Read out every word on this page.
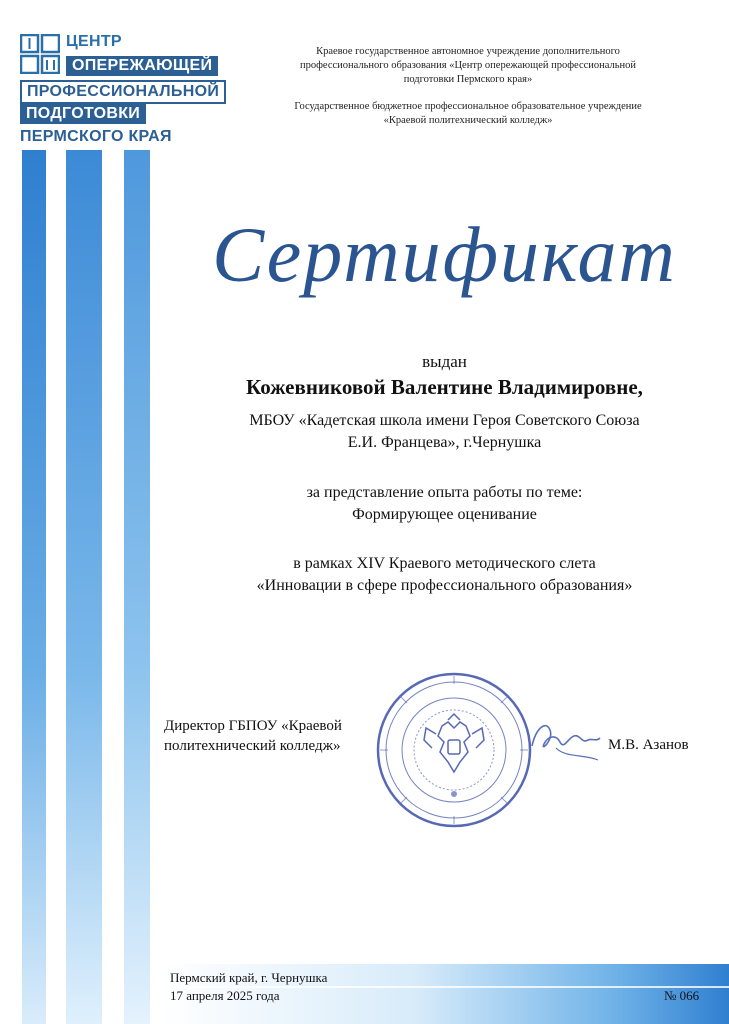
ЦЕНТР
ОПЕРЕЖАЮЩЕЙ
ПРОФЕССИОНАЛЬНОЙ
ПОДГОТОВКИ
ПЕРМСКОГО КРАЯ
Краевое государственное автономное учреждение дополнительного
профессионального образования «Центр опережающей профессиональной
подготовки Пермского края»
Государственное бюджетное профессиональное образовательное учреждение
«Краевой политехнический колледж»
Сертификат
выдан
Кожевниковой Валентине Владимировне,
МБОУ «Кадетская школа имени Героя Советского Союза
Е.И. Францева», г.Чернушка
за представление опыта работы по теме:
Формирующее оценивание
в рамках XIV Краевого методического слета
«Инновации в сфере профессионального образования»
Директор ГБПОУ «Краевой
политехнический колледж»	М.В. Азанов
Пермский край, г. Чернушка
17 апреля 2025 года	№ 066
